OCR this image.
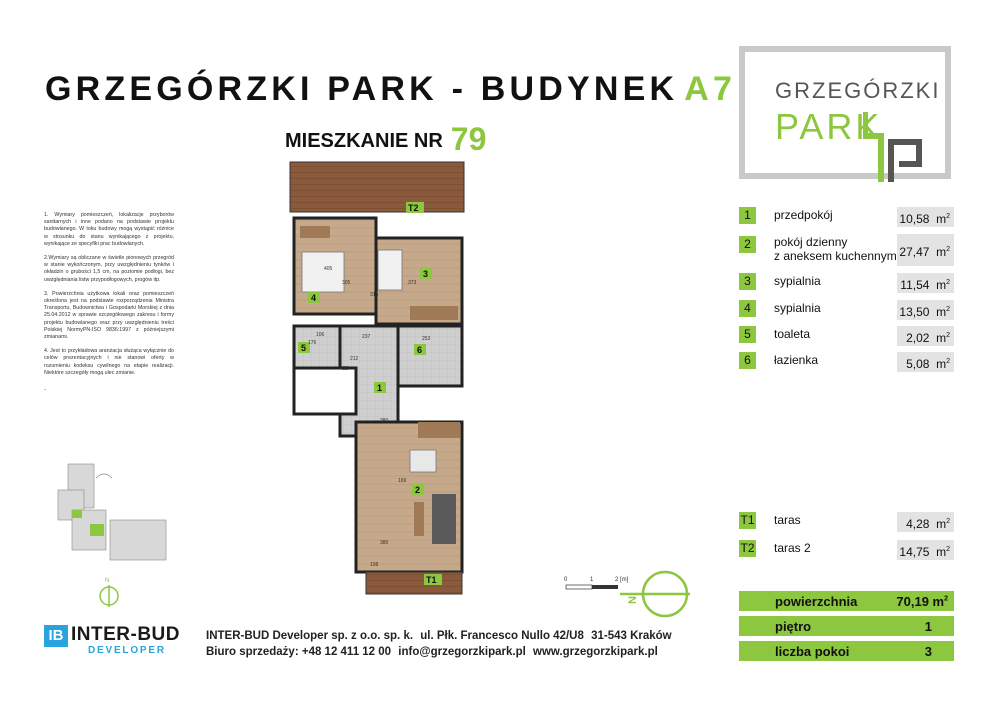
GRZEGÓRZKI PARK - BUDYNEK A7
MIESZKANIE NR 79
GRZEGÓRZKI
PARK

1. Wymiary pomieszczeń, lokalizacje przyborów sanitarnych i inne podano na podstawie projektu budowlanego. W toku budowy mogą wystąpić różnice w stosunku do stanu wynikającego z projektu, wynikające ze specyfiki prac budowlanych.

2.Wymiary są obliczane w świetle pionowych przegród w stanie wykończonym, przy uwzględnieniu tynków i okładzin o grubości 1,5 cm, na poziomie podłogi, bez uwzględniania listw przypodłogowych, progów itp.

3. Powierzchnia użytkowa lokali oraz pomieszczeń określona jest na podstawie rozporządzenia Ministra Transportu, Budownictwa i Gospodarki Morskiej z dnia 25.04.2012 w sprawie szczegółowego zakresu i formy projektu budowlanego oraz przy uwzględnieniu treści Polskiej NormyPN-ISO 9836:1997 z późniejszymi zmianami.

4. Jest to przykładowa aranżacja służąca wyłącznie do celów prezentacyjnych i nie stanowi oferty w rozumieniu kodeksu cywilnego na etapie realizacji. Niektóre szczegóły mogą ulec zmianie.

.

4
3
5	6
1
2
T1
T2
405
305	373
315
237	253
176
106
212
425
380
169
380
108
N	0	1	2 [m]
N
1	przedpokój	10,58 $m^2$
2	pokój dzienny
z aneksem kuchennym 27,47 $m^2$
3	sypialnia	11,54 $m^2$
4	sypialnia	13,50 $m^2$
5	toaleta	2,02 $m^2$
6	łazienka	5,08 $m^2$
T1 taras	4,28 $m^2$
T2 taras 2	14,75 $m^2$
powierzchnia	70,19 $m^2$
piętro	1
liczba pokoi	3
IB INTER-BUD
DEVELOPER
INTER-BUD Developer sp. z o.o. sp. k. ul. Płk. Francesco Nullo 42/U8 31-543 Kraków
Biuro sprzedaży: +48 12 411 12 00 info@grzegorzkipark.pl www.grzegorzkipark.pl
